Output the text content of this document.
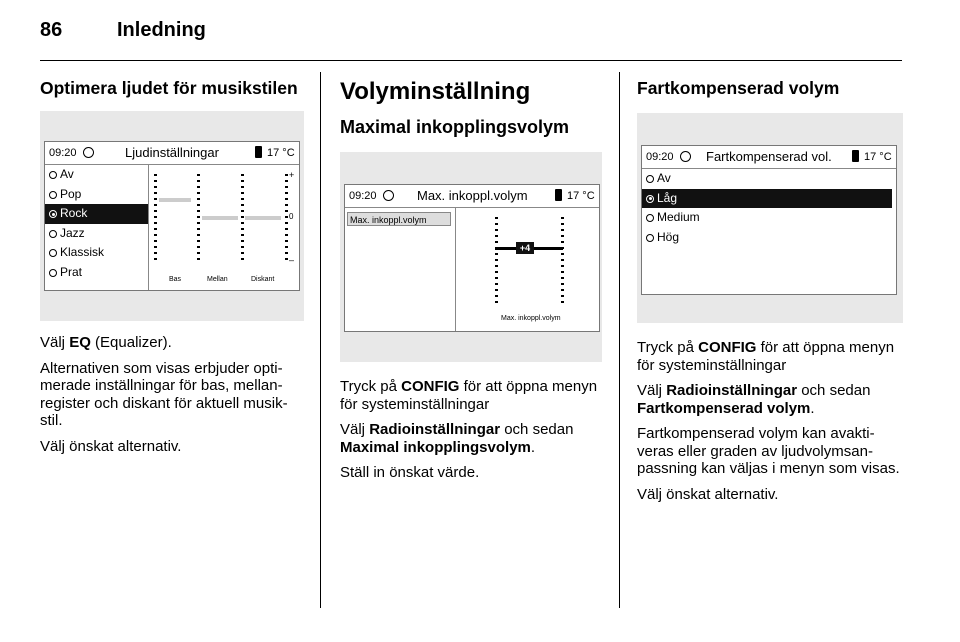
86	Inledning
Optimera ljudet för musikstilen
09:20	Ljudinställningar	17 °C
Av
Pop
Rock
Jazz
Klassisk
Prat
+
0
–
Bas	Mellan	Diskant

Välj EQ (Equalizer).

Alternativen som visas erbjuder optimerade inställningar för bas, mellanregister och diskant för aktuell musikstil.

Välj önskat alternativ.

Volyminställning
Maximal inkopplingsvolym
09:20	Max. inkoppl.volym	17 °C
Max. inkoppl.volym
+4
Max. inkoppl.volym

Tryck på CONFIG för att öppna menyn för systeminställningar

Välj Radioinställningar och sedan Maximal inkopplingsvolym.

Ställ in önskat värde.

Fartkompenserad volym
09:20 Fartkompenserad vol.	17 °C
Av
Låg
Medium
Hög

Tryck på CONFIG för att öppna menyn för systeminställningar

Välj Radioinställningar och sedan Fartkompenserad volym.

Fartkompenserad volym kan avaktiveras eller graden av ljudvolymsanpassning kan väljas i menyn som visas.

Välj önskat alternativ.
